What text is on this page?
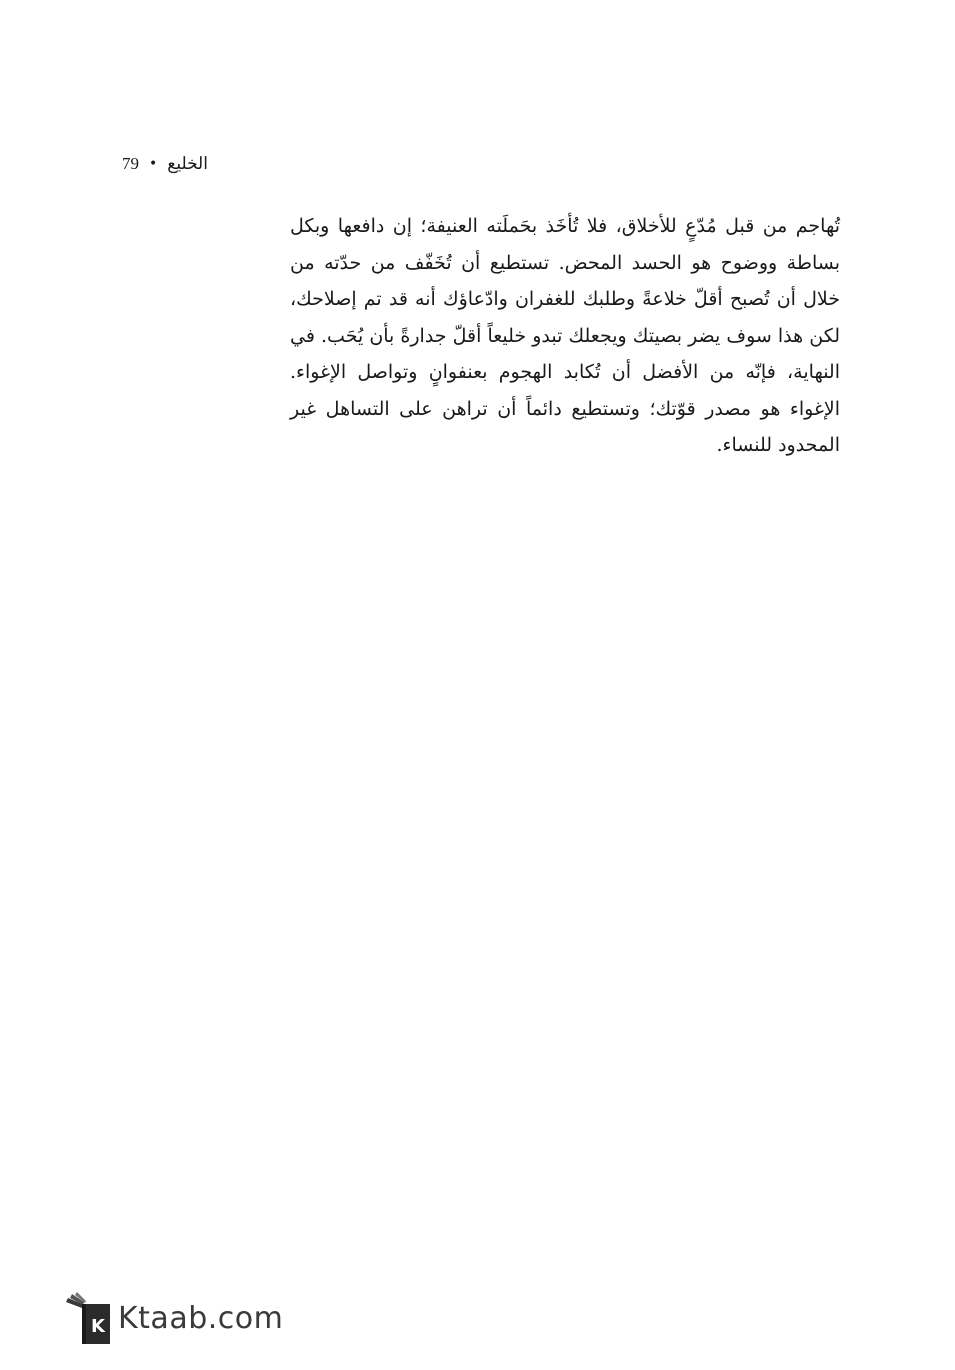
79 • الخليع

تُهاجم من قبل مُدّعٍ للأخلاق، فلا تُأخَذ بحَملَته العنيفة؛ إن دافعها وبكل بساطة ووضوح هو الحسد المحض. تستطيع أن تُخَفّف من حدّته من خلال أن تُصبح أقلّ خلاعةً وطلبك للغفران وادّعاؤك أنه قد تم إصلاحك، لكن هذا سوف يضر بصيتك ويجعلك تبدو خليعاً أقلّ جدارةً بأن يُحَب. في النهاية، فإنّه من الأفضل أن تُكابد الهجوم بعنفوانٍ وتواصل الإغواء. الإغواء هو مصدر قوّتك؛ وتستطيع دائماً أن تراهن على التساهل غير المحدود للنساء.

K Ktaab.com
